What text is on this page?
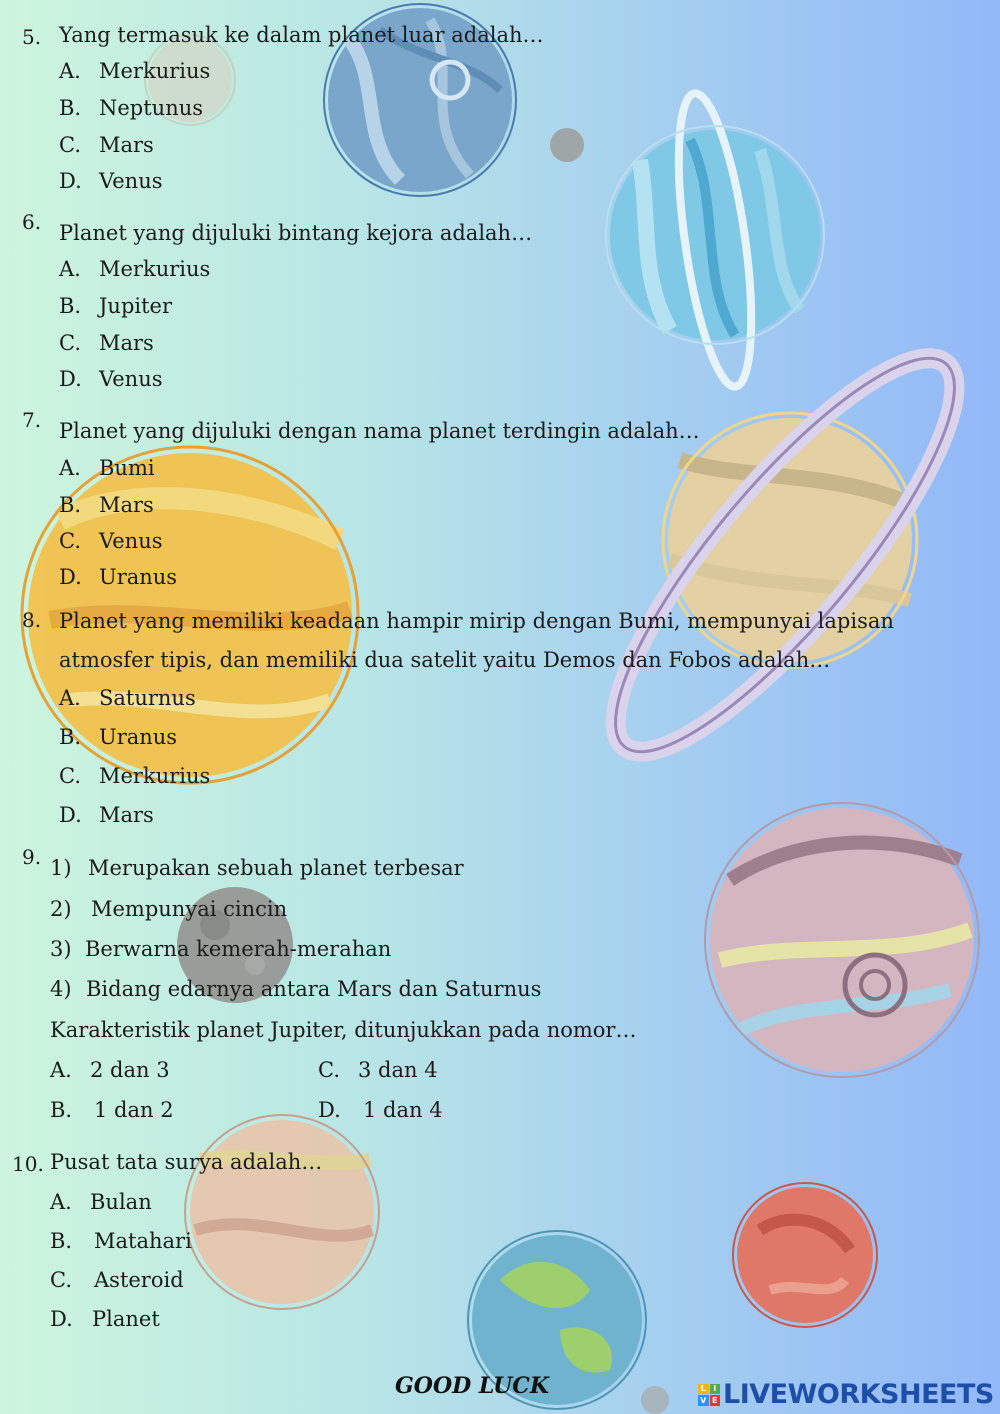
5. Yang termasuk ke dalam planet luar adalah…
A. Merkurius
B. Neptunus
C. Mars
D. Venus
6. Planet yang dijuluki bintang kejora adalah…
A. Merkurius
B. Jupiter
C. Mars
D. Venus
7. Planet yang dijuluki dengan nama planet terdingin adalah…
A. Bumi
B. Mars
C. Venus
D. Uranus
8. Planet yang memiliki keadaan hampir mirip dengan Bumi, mempunyai lapisan
atmosfer tipis, dan memiliki dua satelit yaitu Demos dan Fobos adalah…
A. Saturnus
B. Uranus
C. Merkurius
D. Mars
9. 1) Merupakan sebuah planet terbesar
2) Mempunyai cincin
3) Berwarna kemerah-merahan
4) Bidang edarnya antara Mars dan Saturnus
Karakteristik planet Jupiter, ditunjukkan pada nomor…
A. 2 dan 3
B. 1 dan 2
C. 3 dan 4
D. 1 dan 4
10. Pusat tata surya adalah…
A. Bulan
B. Matahari
C. Asteroid
D. Planet
GOOD LUCK	L I
V E LIVEWORKSHEETS
